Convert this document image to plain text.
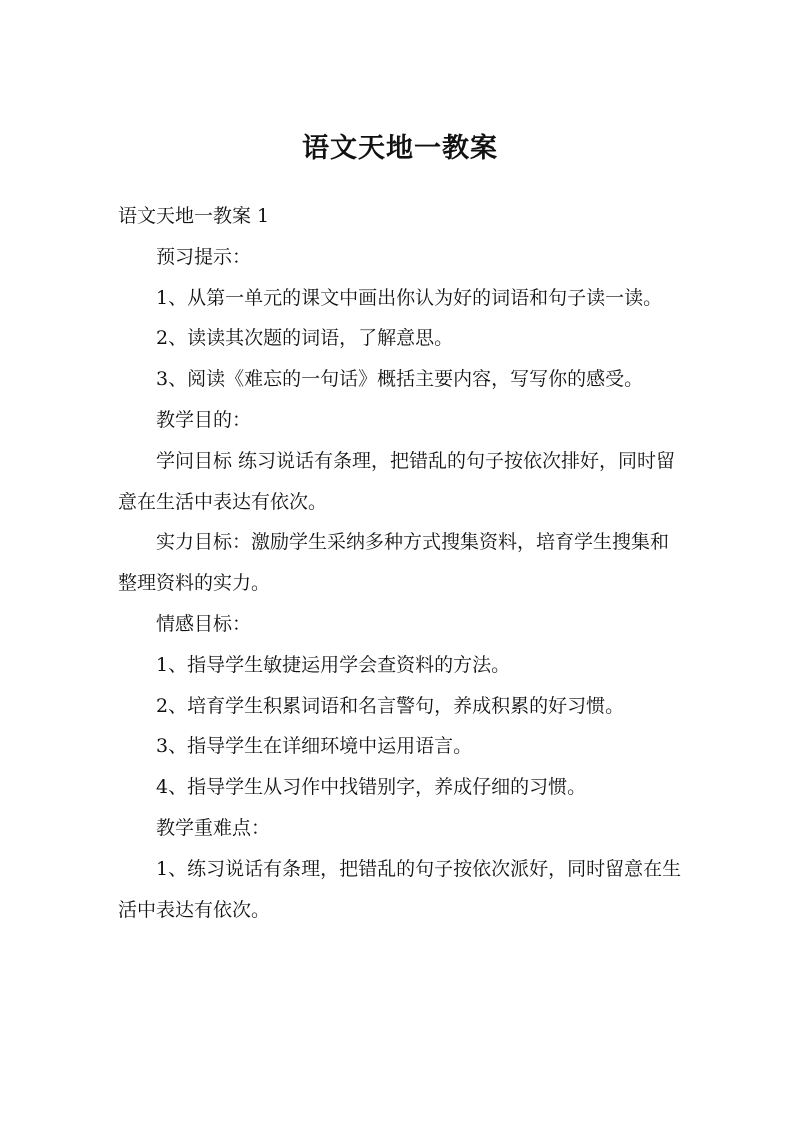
语文天地一教案

语文天地一教案 1

预习提示：

1、从第一单元的课文中画出你认为好的词语和句子读一读。

2、读读其次题的词语，了解意思。

3、阅读《难忘的一句话》概括主要内容，写写你的感受。

教学目的：

学问目标 练习说话有条理，把错乱的句子按依次排好，同时留意在生活中表达有依次。

实力目标：激励学生采纳多种方式搜集资料，培育学生搜集和整理资料的实力。

情感目标：

1、指导学生敏捷运用学会查资料的方法。

2、培育学生积累词语和名言警句，养成积累的好习惯。

3、指导学生在详细环境中运用语言。

4、指导学生从习作中找错别字，养成仔细的习惯。

教学重难点：

1、练习说话有条理，把错乱的句子按依次派好，同时留意在生活中表达有依次。
